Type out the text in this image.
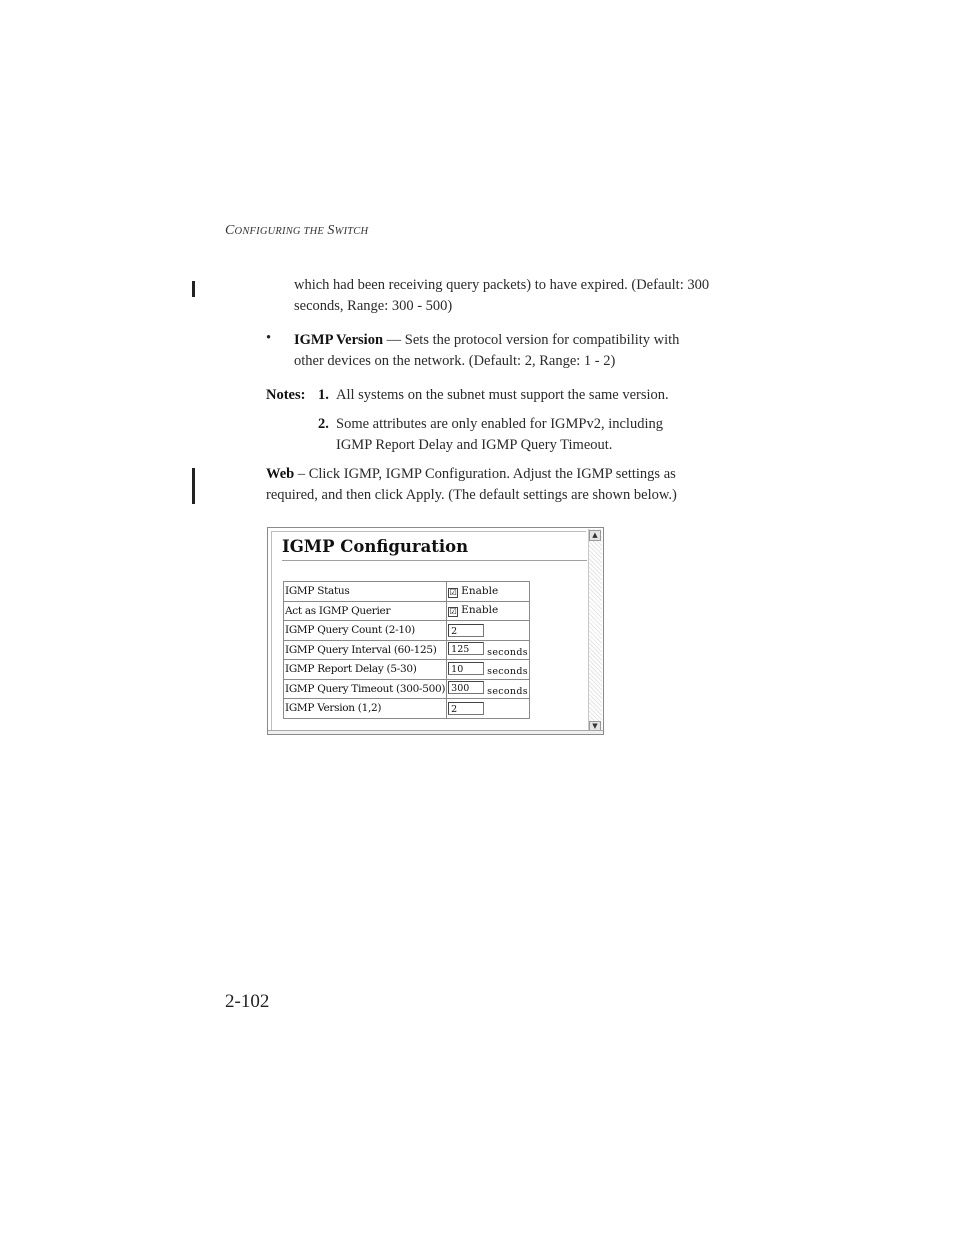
CONFIGURING THE SWITCH
which had been receiving query packets) to have expired. (Default: 300
seconds, Range: 300 - 500)
• IGMP Version — Sets the protocol version for compatibility with
other devices on the network. (Default: 2, Range: 1 - 2)
Notes: 1. All systems on the subnet must support the same version.
2. Some attributes are only enabled for IGMPv2, including
IGMP Report Delay and IGMP Query Timeout.
Web – Click IGMP, IGMP Configuration. Adjust the IGMP settings as
required, and then click Apply. (The default settings are shown below.)
IGMP Configuration
IGMP Status	☑ Enable
Act as IGMP Querier	☑ Enable
IGMP Query Count (2-10)	2
IGMP Query Interval (60-125)	125 seconds
IGMP Report Delay (5-30)	10 seconds
IGMP Query Timeout (300-500)	300 seconds
IGMP Version (1,2)	2
▲
▼
2-102
